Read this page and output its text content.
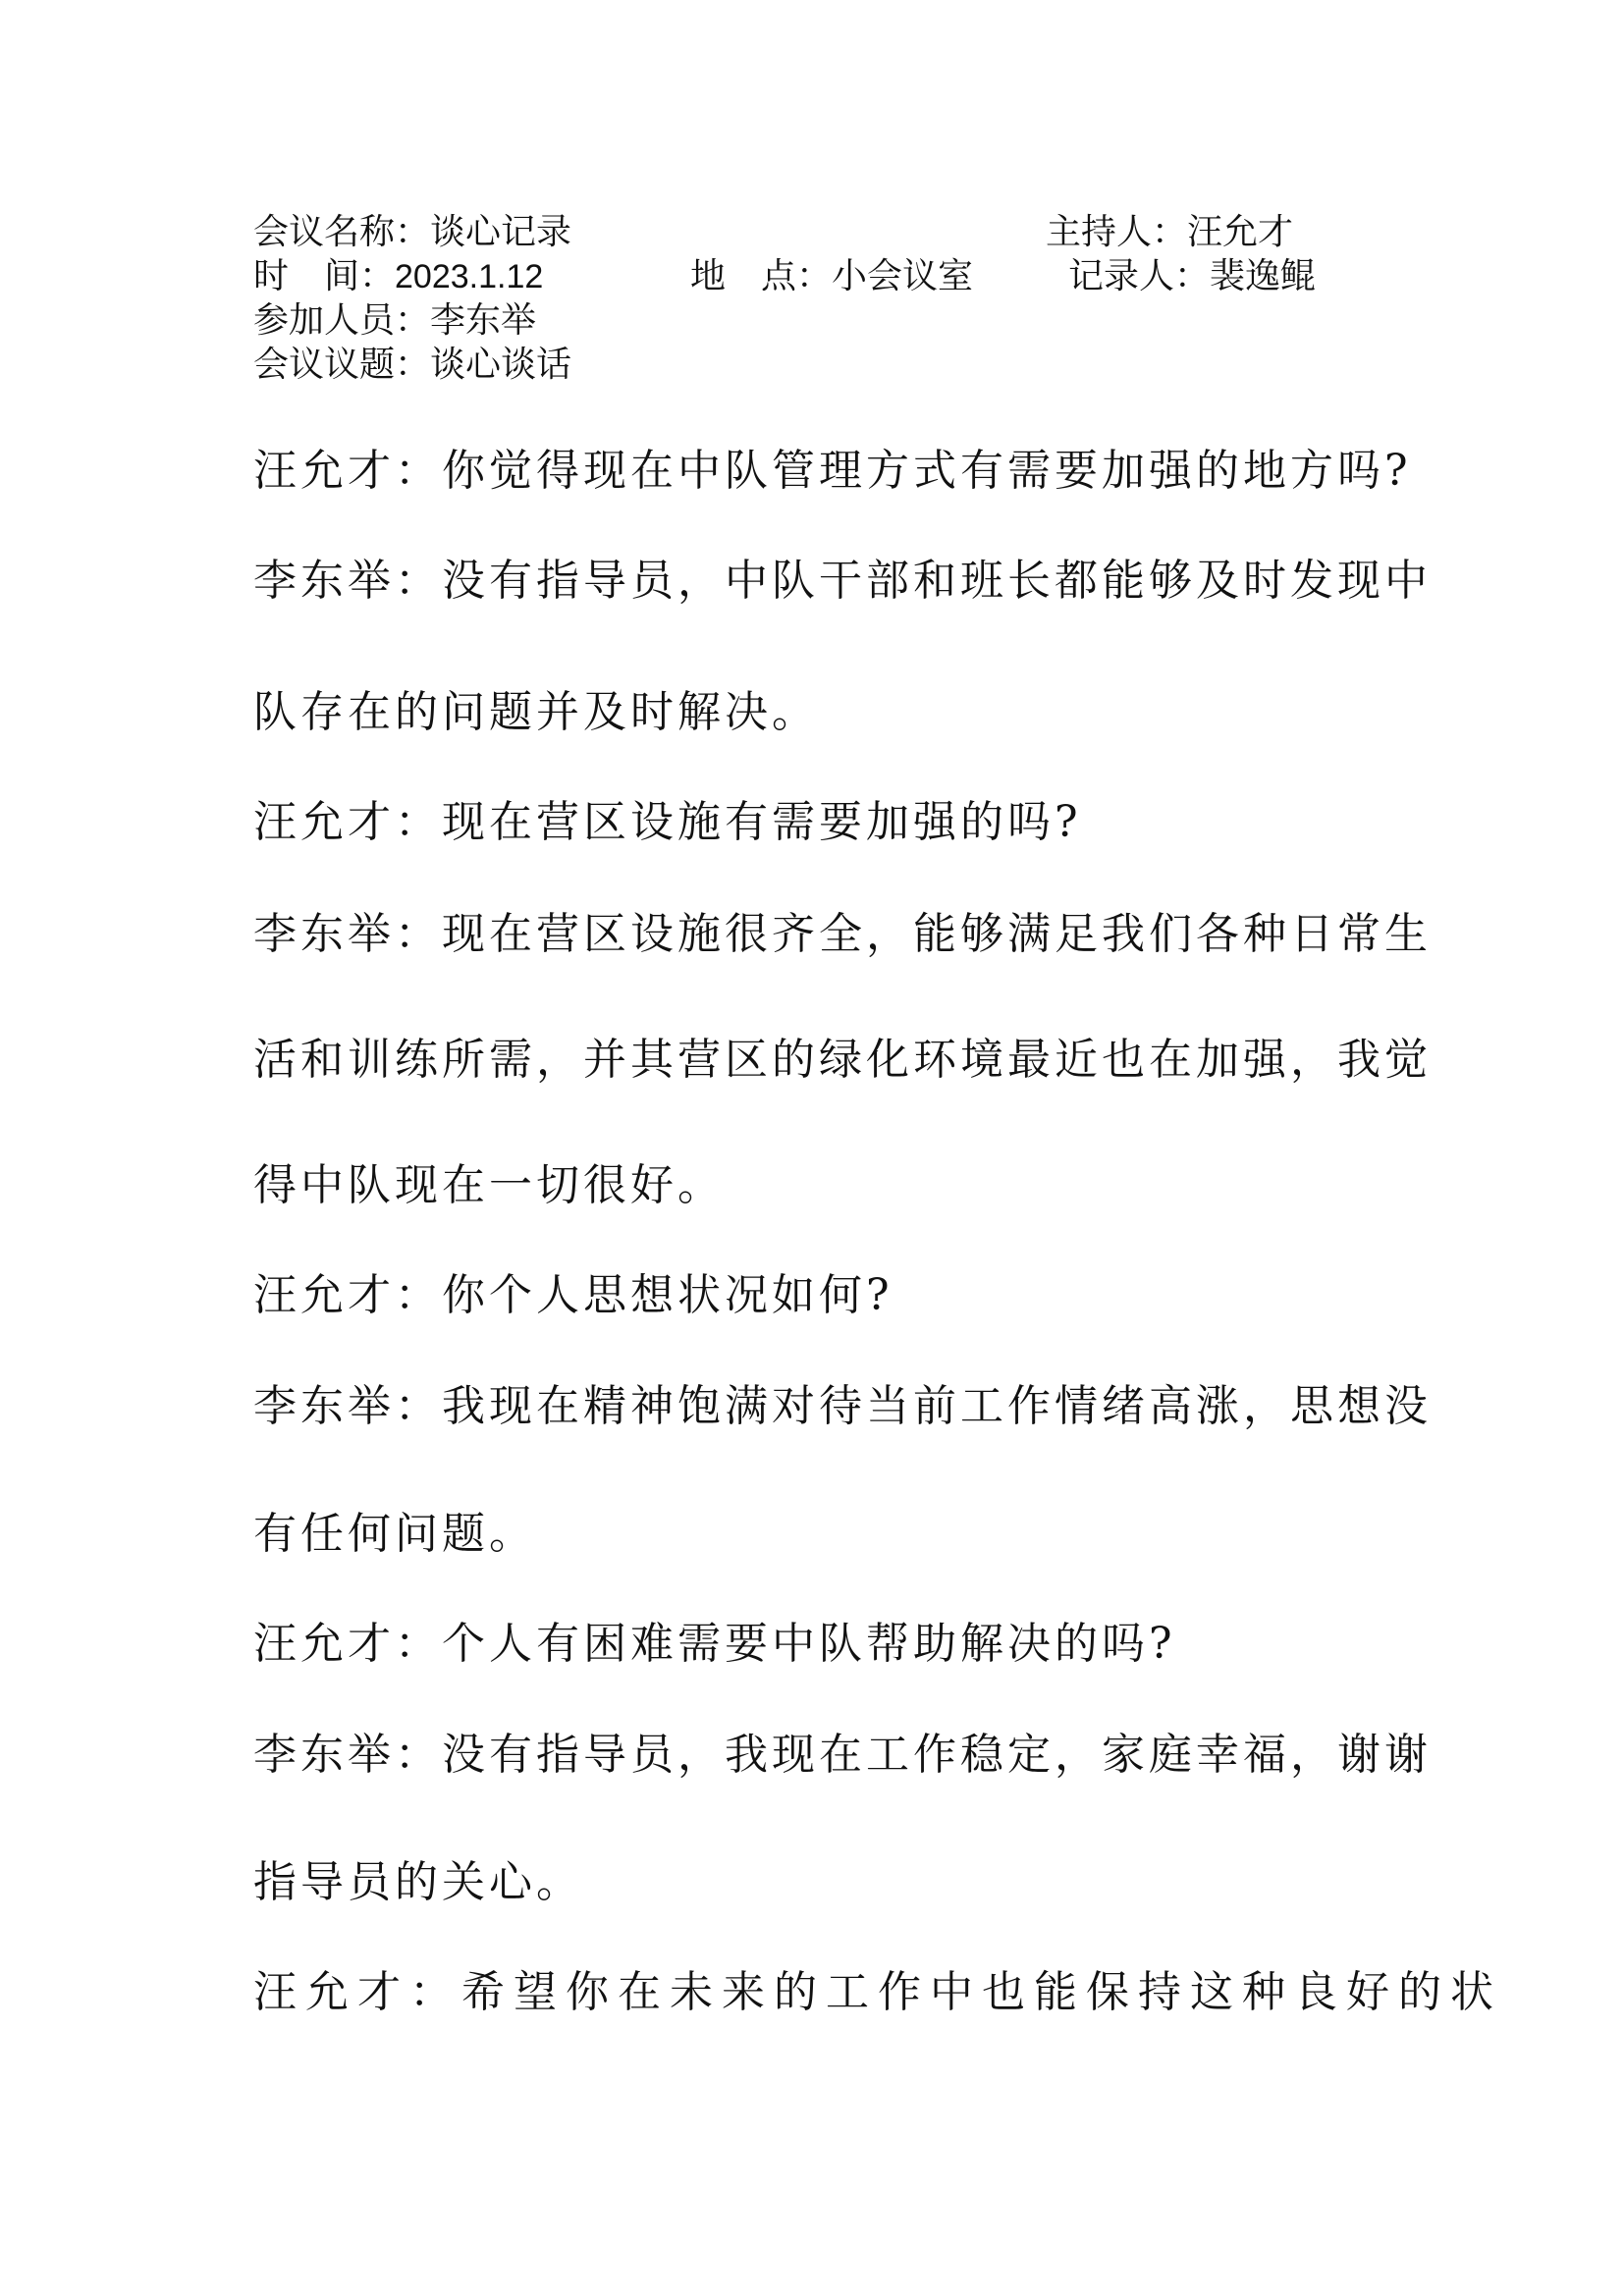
会议名称：谈心记录	主持人：汪允才
时　间：2023.1.12	地　点：小会议室	记录人：裴逸鲲
参加人员：李东举
会议议题：谈心谈话
汪允才：你觉得现在中队管理方式有需要加强的地方吗?
李东举：没有指导员，中队干部和班长都能够及时发现中
队存在的问题并及时解决。
汪允才：现在营区设施有需要加强的吗?
李东举：现在营区设施很齐全，能够满足我们各种日常生
活和训练所需，并其营区的绿化环境最近也在加强，我觉
得中队现在一切很好。
汪允才：你个人思想状况如何?
李东举：我现在精神饱满对待当前工作情绪高涨，思想没
有任何问题。
汪允才：个人有困难需要中队帮助解决的吗?
李东举：没有指导员，我现在工作稳定，家庭幸福，谢谢
指导员的关心。
汪允才：希望你在未来的工作中也能保持这种良好的状
